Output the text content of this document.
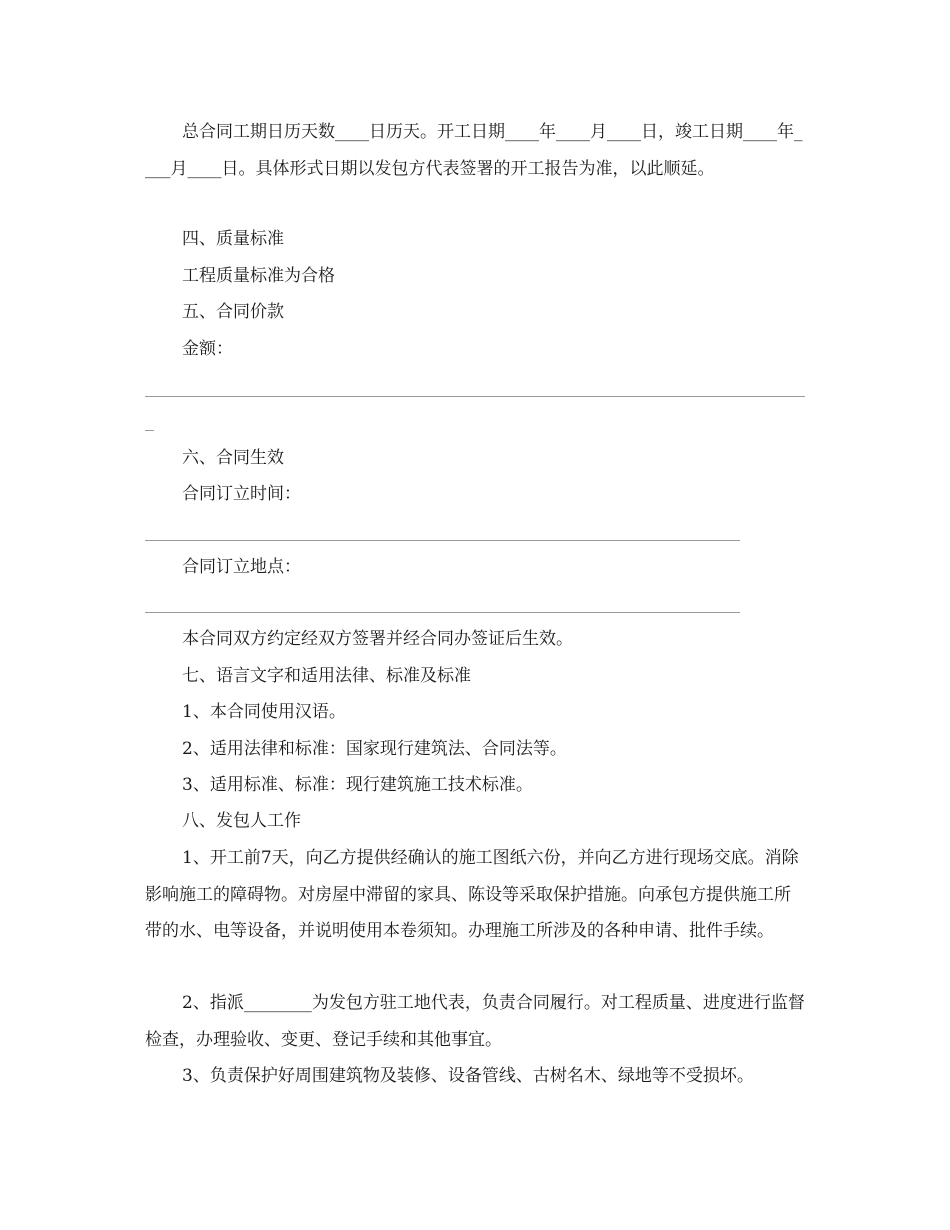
总合同工期日历天数____日历天。开工日期____年____月____日，竣工日期____年____月____日。具体形式日期以发包方代表签署的开工报告为准，以此顺延。

四、质量标准

工程质量标准为合格

五、合同价款

金额：

六、合同生效

合同订立时间：

合同订立地点：

本合同双方约定经双方签署并经合同办签证后生效。

七、语言文字和适用法律、标准及标准

1、本合同使用汉语。

2、适用法律和标准：国家现行建筑法、合同法等。

3、适用标准、标准：现行建筑施工技术标准。

八、发包人工作

1、开工前7天，向乙方提供经确认的施工图纸六份，并向乙方进行现场交底。消除影响施工的障碍物。对房屋中滞留的家具、陈设等采取保护措施。向承包方提供施工所带的水、电等设备，并说明使用本卷须知。办理施工所涉及的各种申请、批件手续。

2、指派________为发包方驻工地代表，负责合同履行。对工程质量、进度进行监督检查，办理验收、变更、登记手续和其他事宜。

3、负责保护好周围建筑物及装修、设备管线、古树名木、绿地等不受损坏。
